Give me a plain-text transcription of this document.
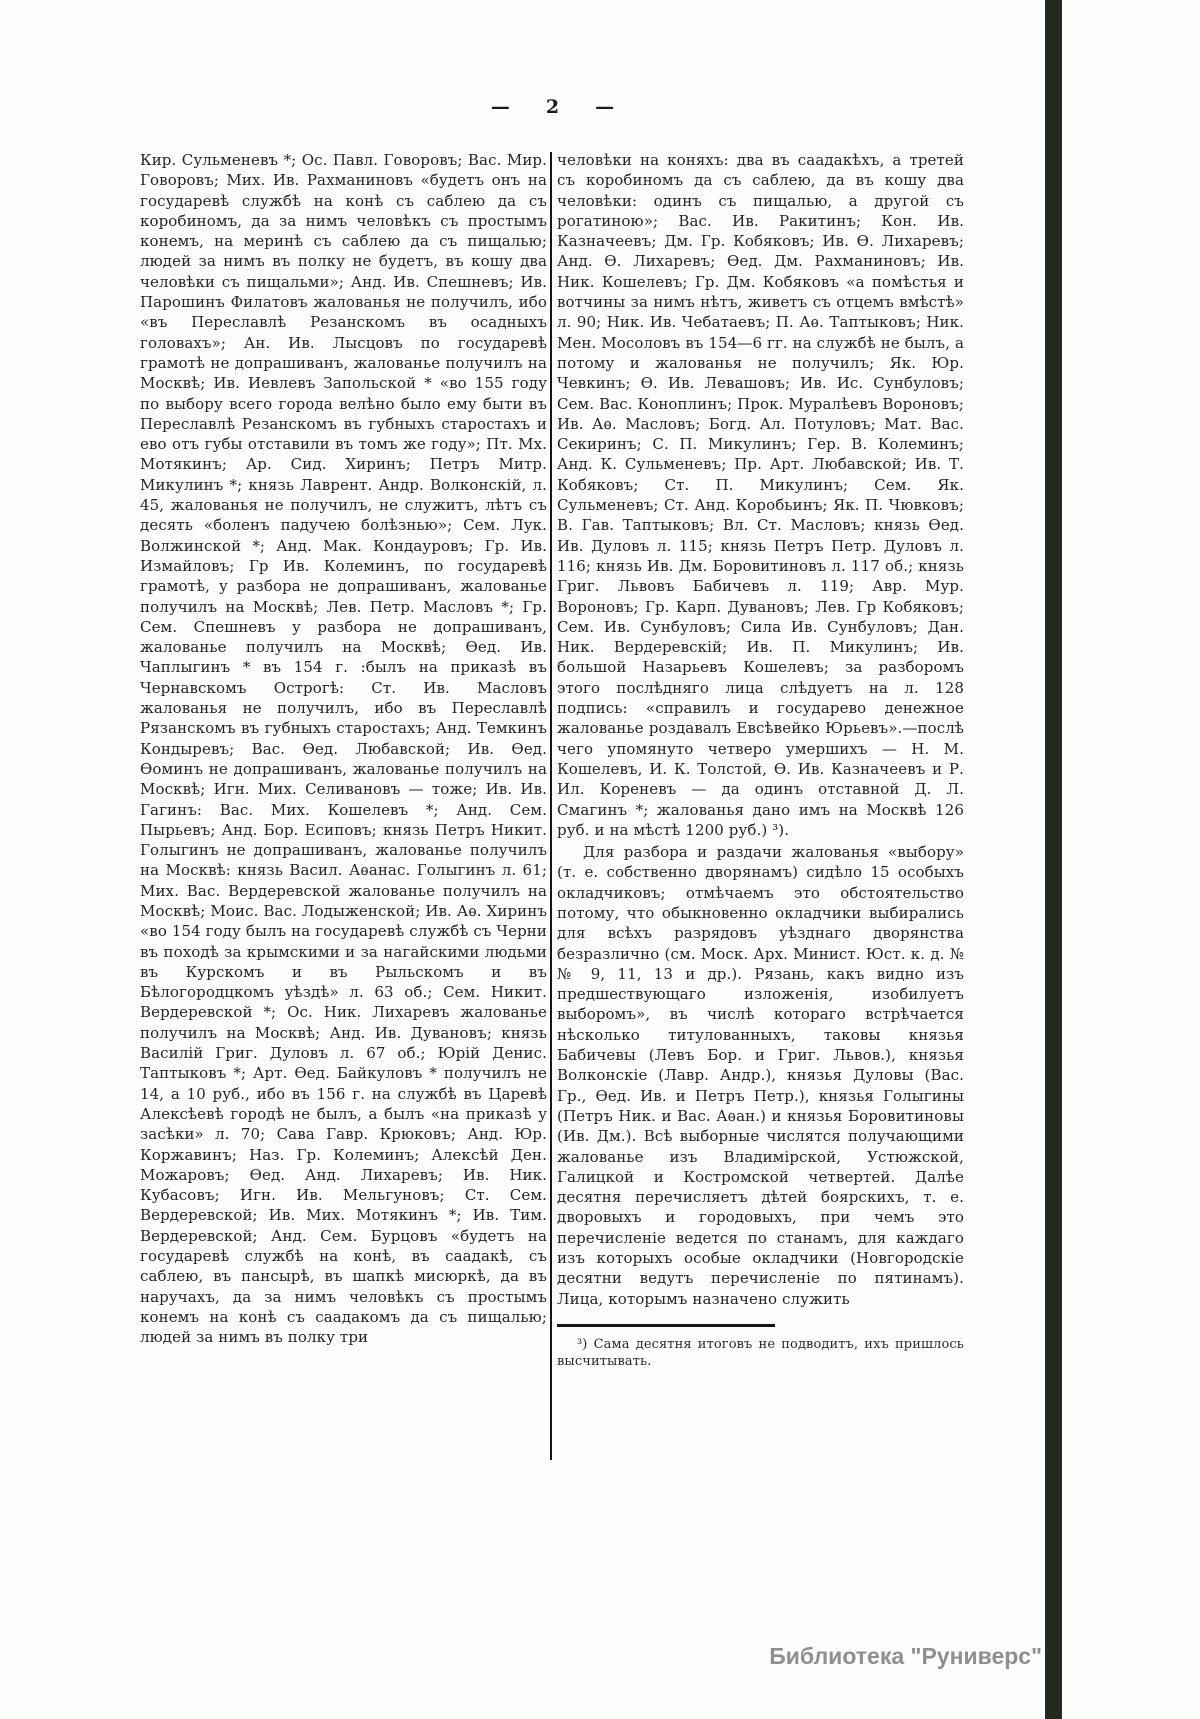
— 2 —

Кир. Сульменевъ *; Ос. Павл. Говоровъ; Вас. Мир. Говоровъ; Мих. Ив. Рахманиновъ «будетъ онъ на государевѣ службѣ на конѣ съ саблею да съ коробиномъ, да за нимъ человѣкъ съ простымъ конемъ, на меринѣ съ саблею да съ пищалью; людей за нимъ въ полку не будетъ, въ кошу два человѣки съ пищальми»; Анд. Ив. Спешневъ; Ив. Парошинъ Филатовъ жалованья не получилъ, ибо «въ Переславлѣ Резанскомъ въ осадныхъ головахъ»; Ан. Ив. Лысцовъ по государевѣ грамотѣ не допрашиванъ, жалованье получилъ на Москвѣ; Ив. Иевлевъ Запольской * «во 155 году по выбору всего города велѣно было ему быти въ Переславлѣ Резанскомъ въ губныхъ старостахъ и ево отъ губы отставили въ томъ же году»; Пт. Мх. Мотякинъ; Ар. Сид. Хиринъ; Петръ Митр. Микулинъ *; князь Лаврент. Андр. Волконскій, л. 45, жалованья не получилъ, не служитъ, лѣтъ съ десять «боленъ падучею болѣзнью»; Сем. Лук. Волжинской *; Анд. Мак. Кондауровъ; Гр. Ив. Измайловъ; Гр Ив. Колеминъ, по государевѣ грамотѣ, у разбора не допрашиванъ, жалованье получилъ на Москвѣ; Лев. Петр. Масловъ *; Гр. Сем. Спешневъ у разбора не допрашиванъ, жалованье получилъ на Москвѣ; Ѳед. Ив. Чаплыгинъ * въ 154 г. :былъ на приказѣ въ Чернавскомъ Острогѣ: Ст. Ив. Масловъ жалованья не получилъ, ибо въ Переславлѣ Рязанскомъ въ губныхъ старостахъ; Анд. Темкинъ Кондыревъ; Вас. Ѳед. Любавской; Ив. Ѳед. Ѳоминъ не допрашиванъ, жалованье получилъ на Москвѣ; Игн. Мих. Селивановъ — тоже; Ив. Ив. Гагинъ: Вас. Мих. Кошелевъ *; Анд. Сем. Пырьевъ; Анд. Бор. Есиповъ; князь Петръ Никит. Голыгинъ не допрашиванъ, жалованье получилъ на Москвѣ: князь Васил. Аѳанас. Голыгинъ л. 61; Мих. Вас. Вердеревской жалованье получилъ на Москвѣ; Моис. Вас. Лодыженской; Ив. Аѳ. Хиринъ «во 154 году былъ на государевѣ службѣ съ Черни въ походѣ за крымскими и за нагайскими людьми въ Курскомъ и въ Рыльскомъ и въ Бѣлогородцкомъ уѣздѣ» л. 63 об.; Сем. Никит. Вердеревской *; Ос. Ник. Лихаревъ жалованье получилъ на Москвѣ; Анд. Ив. Дувановъ; князь Василій Григ. Дуловъ л. 67 об.; Юрій Денис. Таптыковъ *; Арт. Ѳед. Байкуловъ * получилъ не 14, а 10 руб., ибо въ 156 г. на службѣ въ Царевѣ Алексѣевѣ городѣ не былъ, а былъ «на приказѣ у засѣки» л. 70; Сава Гавр. Крюковъ; Анд. Юр. Коржавинъ; Наз. Гр. Колеминъ; Алексѣй Ден. Можаровъ; Ѳед. Анд. Лихаревъ; Ив. Ник. Кубасовъ; Игн. Ив. Мельгуновъ; Ст. Сем. Вердеревской; Ив. Мих. Мотякинъ *; Ив. Тим. Вердеревской; Анд. Сем. Бурцовъ «будетъ на государевѣ службѣ на конѣ, въ саадакѣ, съ саблею, въ пансырѣ, въ шапкѣ мисюркѣ, да въ наручахъ, да за нимъ человѣкъ съ простымъ конемъ на конѣ съ саадакомъ да съ пищалью; людей за нимъ въ полку три

человѣки на коняхъ: два въ саадакѣхъ, а третей съ коробиномъ да съ саблею, да въ кошу два человѣки: одинъ съ пищалью, а другой съ рогатиною»; Вас. Ив. Ракитинъ; Кон. Ив. Казначеевъ; Дм. Гр. Кобяковъ; Ив. Ѳ. Лихаревъ; Анд. Ѳ. Лихаревъ; Ѳед. Дм. Рахманиновъ; Ив. Ник. Кошелевъ; Гр. Дм. Кобяковъ «а помѣстья и вотчины за нимъ нѣтъ, живетъ съ отцемъ вмѣстѣ» л. 90; Ник. Ив. Чебатаевъ; П. Аѳ. Таптыковъ; Ник. Мен. Мосоловъ въ 154—6 гг. на службѣ не былъ, а потому и жалованья не получилъ; Як. Юр. Чевкинъ; Ѳ. Ив. Левашовъ; Ив. Ис. Сунбуловъ; Сем. Вас. Коноплинъ; Прок. Муралѣевъ Вороновъ; Ив. Аѳ. Масловъ; Богд. Ал. Потуловъ; Мат. Вас. Секиринъ; С. П. Микулинъ; Гер. В. Колеминъ; Анд. К. Сульменевъ; Пр. Арт. Любавской; Ив. Т. Кобяковъ; Ст. П. Микулинъ; Сем. Як. Сульменевъ; Ст. Анд. Коробьинъ; Як. П. Чювковъ; В. Гав. Таптыковъ; Вл. Ст. Масловъ; князь Ѳед. Ив. Дуловъ л. 115; князь Петръ Петр. Дуловъ л. 116; князь Ив. Дм. Боровитиновъ л. 117 об.; князь Григ. Львовъ Бабичевъ л. 119; Авр. Мур. Вороновъ; Гр. Карп. Дувановъ; Лев. Гр Кобяковъ; Сем. Ив. Сунбуловъ; Сила Ив. Сунбуловъ; Дан. Ник. Вердеревскій; Ив. П. Микулинъ; Ив. большой Назарьевъ Кошелевъ; за разборомъ этого послѣдняго лица слѣдуетъ на л. 128 подпись: «справилъ и государево денежное жалованье роздавалъ Евсѣвейко Юрьевъ».—послѣ чего упомянуто четверо умершихъ — Н. М. Кошелевъ, И. К. Толстой, Ѳ. Ив. Казначеевъ и Р. Ил. Кореневъ — да одинъ отставной Д. Л. Смагинъ *; жалованья дано имъ на Москвѣ 126 руб. и на мѣстѣ 1200 руб.) ³).

Для разбора и раздачи жалованья «выбору» (т. е. собственно дворянамъ) сидѣло 15 особыхъ окладчиковъ; отмѣчаемъ это обстоятельство потому, что обыкновенно окладчики выбирались для всѣхъ разрядовъ уѣзднаго дворянства безразлично (см. Моск. Арх. Минист. Юст. к. д. №№ 9, 11, 13 и др.). Рязань, какъ видно изъ предшествующаго изложенія, изобилуетъ выборомъ», въ числѣ котораго встрѣчается нѣсколько титулованныхъ, таковы князья Бабичевы (Левъ Бор. и Григ. Львов.), князья Волконскіе (Лавр. Андр.), князья Дуловы (Вас. Гр., Ѳед. Ив. и Петръ Петр.), князья Голыгины (Петръ Ник. и Вас. Аѳан.) и князья Боровитиновы (Ив. Дм.). Всѣ выборные числятся получающими жалованье изъ Владимірской, Устюжской, Галицкой и Костромской четвертей. Далѣе десятня перечисляетъ дѣтей боярскихъ, т. е. дворовыхъ и городовыхъ, при чемъ это перечисленіе ведется по станамъ, для каждаго изъ которыхъ особые окладчики (Новгородскіе десятни ведутъ перечисленіе по пятинамъ). Лица, которымъ назначено служить

³) Сама десятня итоговъ не подводитъ, ихъ пришлось высчитывать.

Библиотека "Руниверс"
